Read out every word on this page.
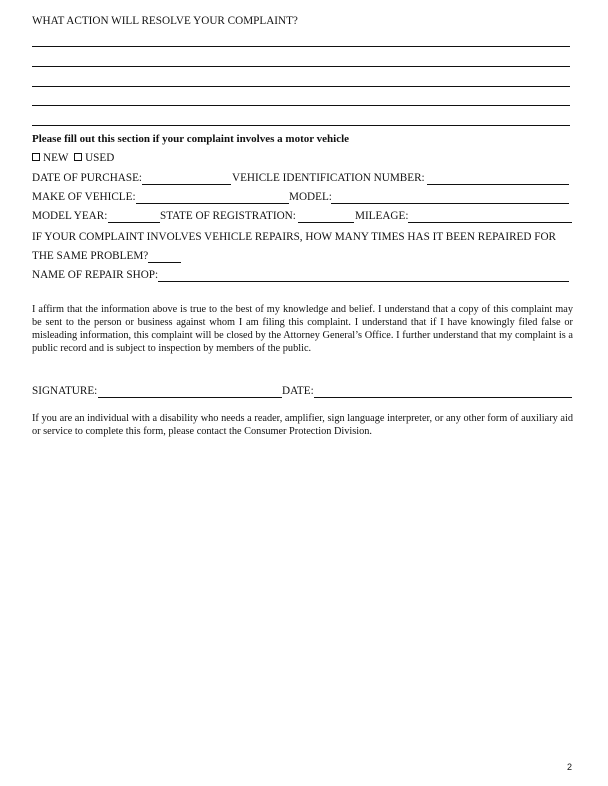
WHAT ACTION WILL RESOLVE YOUR COMPLAINT?
Please fill out this section if your complaint involves a motor vehicle
NEW USED
DATE OF PURCHASE:	VEHICLE IDENTIFICATION NUMBER:
MAKE OF VEHICLE:	MODEL:
MODEL YEAR:	STATE OF REGISTRATION:	MILEAGE:
IF YOUR COMPLAINT INVOLVES VEHICLE REPAIRS, HOW MANY TIMES HAS IT BEEN REPAIRED FOR
THE SAME PROBLEM?
NAME OF REPAIR SHOP:
I affirm that the information above is true to the best of my knowledge and belief. I understand that a copy of this complaint may be sent to the person or business against whom I am filing this complaint. I understand that if I have knowingly filed false or misleading information, this complaint will be closed by the Attorney General’s Office. I further understand that my complaint is a public record and is subject to inspection by members of the public.
SIGNATURE:	DATE:
If you are an individual with a disability who needs a reader, amplifier, sign language interpreter, or any other form of auxiliary aid or service to complete this form, please contact the Consumer Protection Division.
2
